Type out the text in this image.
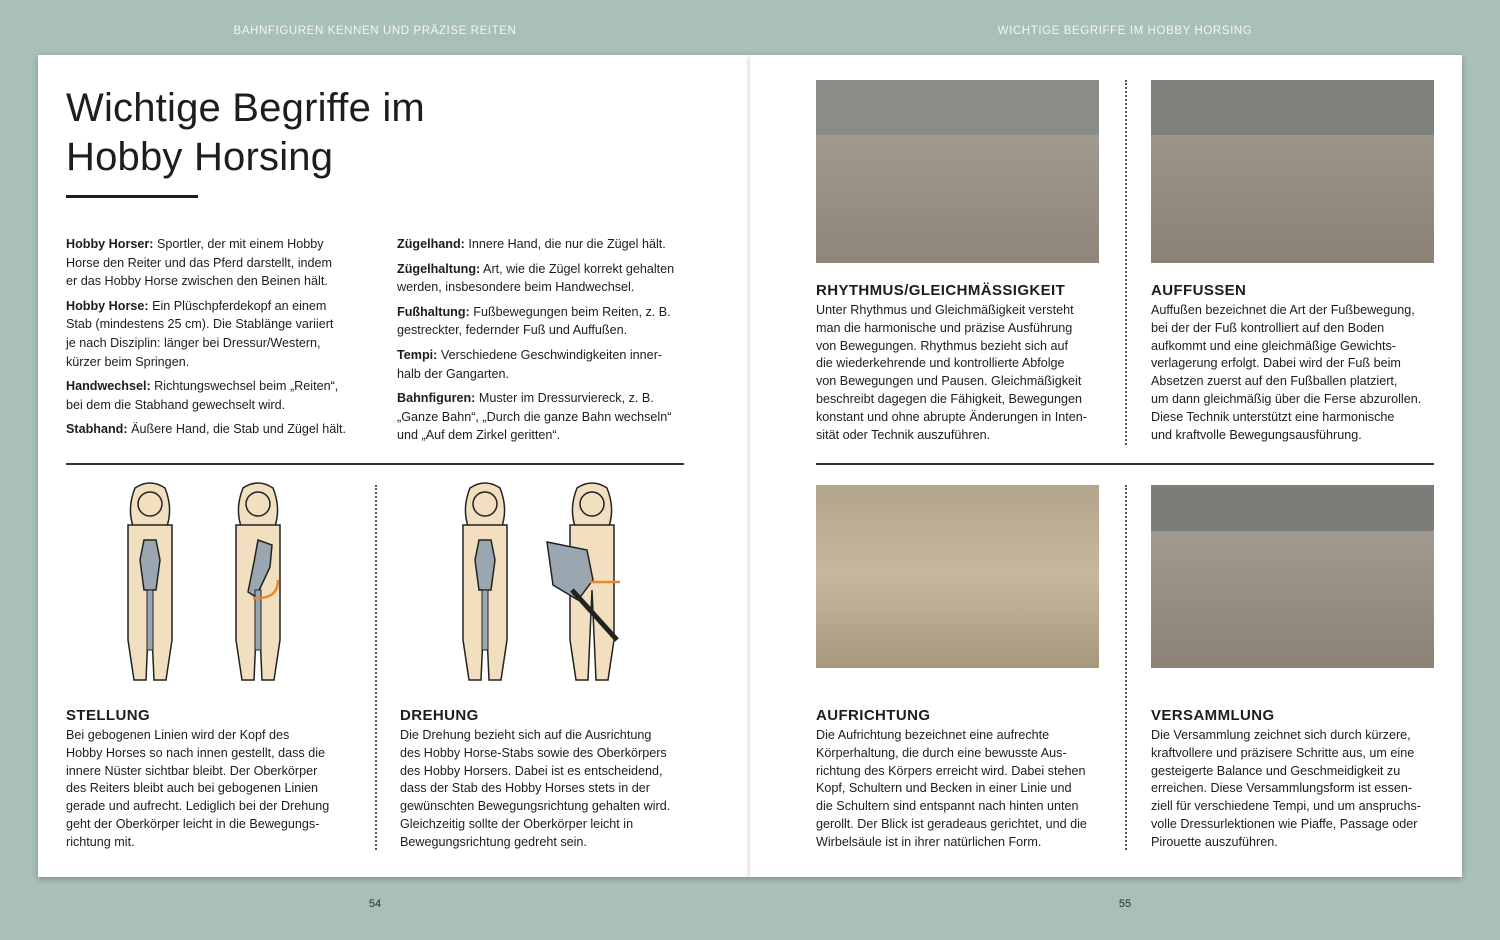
BAHNFIGUREN KENNEN UND PRÄZISE REITEN	WICHTIGE BEGRIFFE IM HOBBY HORSING
Wichtige Begriffe im
Hobby Horsing
Hobby Horser: Sportler, der mit einem Hobby
Horse den Reiter und das Pferd darstellt, indem
er das Hobby Horse zwischen den Beinen hält.
Hobby Horse: Ein Plüschpferdekopf an einem
Stab (mindestens 25 cm). Die Stablänge variiert
je nach Disziplin: länger bei Dressur/Western,
kürzer beim Springen.
Handwechsel: Richtungswechsel beim „Reiten“,
bei dem die Stabhand gewechselt wird.
Stabhand: Äußere Hand, die Stab und Zügel hält.
Zügelhand: Innere Hand, die nur die Zügel hält.
Zügelhaltung: Art, wie die Zügel korrekt gehalten
werden, insbesondere beim Handwechsel.
Fußhaltung: Fußbewegungen beim Reiten, z. B.
gestreckter, federnder Fuß und Auffußen.
Tempi: Verschiedene Geschwindigkeiten inner-
halb der Gangarten.
Bahnfiguren: Muster im Dressurviereck, z. B.
„Ganze Bahn“, „Durch die ganze Bahn wechseln“
und „Auf dem Zirkel geritten“.
STELLUNG

Bei gebogenen Linien wird der Kopf des
Hobby Horses so nach innen gestellt, dass die
innere Nüster sichtbar bleibt. Der Oberkörper
des Reiters bleibt auch bei gebogenen Linien
gerade und aufrecht. Lediglich bei der Drehung
geht der Oberkörper leicht in die Bewegungs-
richtung mit.

DREHUNG

Die Drehung bezieht sich auf die Ausrichtung
des Hobby Horse-Stabs sowie des Oberkörpers
des Hobby Horsers. Dabei ist es entscheidend,
dass der Stab des Hobby Horses stets in der
gewünschten Bewegungsrichtung gehalten wird.
Gleichzeitig sollte der Oberkörper leicht in
Bewegungsrichtung gedreht sein.

RHYTHMUS/GLEICHMÄSSIGKEIT

Unter Rhythmus und Gleichmäßigkeit versteht
man die harmonische und präzise Ausführung
von Bewegungen. Rhythmus bezieht sich auf
die wiederkehrende und kontrollierte Abfolge
von Bewegungen und Pausen. Gleichmäßigkeit
beschreibt dagegen die Fähigkeit, Bewegungen
konstant und ohne abrupte Änderungen in Inten-
sität oder Technik auszuführen.

AUFFUSSEN

Auffußen bezeichnet die Art der Fußbewegung,
bei der der Fuß kontrolliert auf den Boden
aufkommt und eine gleichmäßige Gewichts-
verlagerung erfolgt. Dabei wird der Fuß beim
Absetzen zuerst auf den Fußballen platziert,
um dann gleichmäßig über die Ferse abzurollen.
Diese Technik unterstützt eine harmonische
und kraftvolle Bewegungsausführung.

AUFRICHTUNG

Die Aufrichtung bezeichnet eine aufrechte
Körperhaltung, die durch eine bewusste Aus-
richtung des Körpers erreicht wird. Dabei stehen
Kopf, Schultern und Becken in einer Linie und
die Schultern sind entspannt nach hinten unten
gerollt. Der Blick ist geradeaus gerichtet, und die
Wirbelsäule ist in ihrer natürlichen Form.

VERSAMMLUNG

Die Versammlung zeichnet sich durch kürzere,
kraftvollere und präzisere Schritte aus, um eine
gesteigerte Balance und Geschmeidigkeit zu
erreichen. Diese Versammlungsform ist essen-
ziell für verschiedene Tempi, und um anspruchs-
volle Dressurlektionen wie Piaffe, Passage oder
Pirouette auszuführen.

54	55
